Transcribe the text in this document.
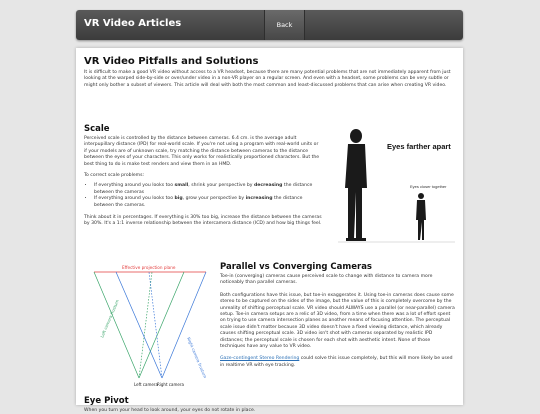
VR Video Articles	Back
VR Video Pitfalls and Solutions

It is difficult to make a good VR video without access to a VR headset, because there are many potential problems that are not immediately apparent from just looking at the warped side-by-side or over/under video in a non-VR player on a regular screen. And even with a headset, some problems can be very subtle or might only bother a subset of viewers. This article will deal with both the most common and least-discussed problems that can arise when creating VR video.

Scale

Perceived scale is controlled by the distance between cameras. 6.4 cm. is the average adult interpupillary distance (IPD) for real-world scale. If you're not using a program with real-world units or if your models are of unknown scale, try matching the distance between cameras to the distance between the eyes of your characters. This only works for realistically proportioned characters. But the best thing to do is make test renders and view them in an HMD.

To correct scale problems:

• If everything around you looks too small, shrink your perspective by decreasing the distance between the cameras
• If everything around you looks too big, grow your perspective by increasing the distance between the cameras.

Think about it in percentages. If everything is 30% too big, increase the distance between the cameras by 30%. It's a 1:1 inverse relationship between the intercamera distance (ICD) and how big things feel.

Eyes farther apart
Eyes closer together
Effective projection plane
Left camera frustum
Right camera frustum
Left camera Right camera
Parallel vs Converging Cameras

Toe-in (converging) cameras cause perceived scale to change with distance to camera more noticeably than parallel cameras.

Both configurations have this issue, but toe-in exaggerates it. Using toe-in cameras does cause some stereo to be captured on the sides of the image, but the value of this is completely overcome by the unreality of shifting perceptual scale. VR video should ALWAYS use a parallel (or near-parallel) camera setup. Toe-in camera setups are a relic of 3D video, from a time when there was a lot of effort spent on trying to use camera intersection planes as another means of focusing attention. The perceptual scale issue didn't matter because 3D video doesn't have a fixed viewing distance, which already causes shifting perceptual scale. 3D video isn't shot with cameras separated by realistic IPD distances; the perceptual scale is chosen for each shot with aesthetic intent. None of those techniques have any value to VR video.

Gaze-contingent Stereo Rendering could solve this issue completely, but this will more likely be used in realtime VR with eye tracking.

Eye Pivot

When you turn your head to look around, your eyes do not rotate in place.
